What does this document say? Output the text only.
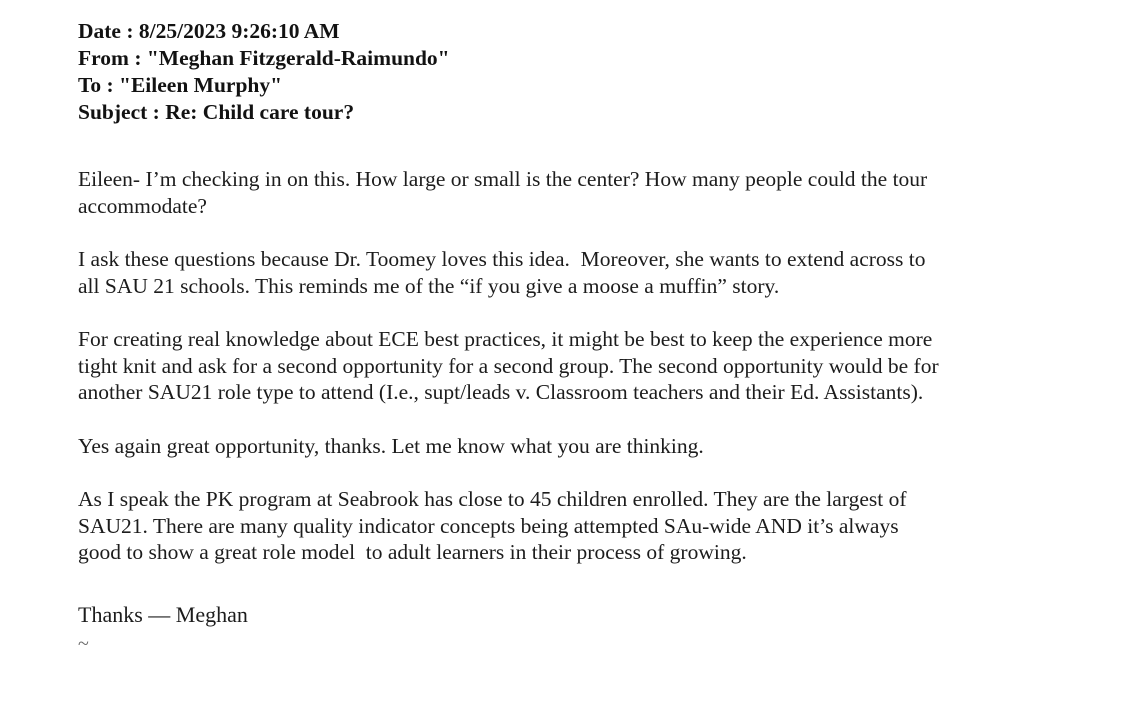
Date : 8/25/2023 9:26:10 AM
From : "Meghan Fitzgerald-Raimundo"
To : "Eileen Murphy"
Subject : Re: Child care tour?

Eileen- I’m checking in on this. How large or small is the center? How many people could the tour accommodate?

I ask these questions because Dr. Toomey loves this idea.  Moreover, she wants to extend across to all SAU 21 schools. This reminds me of the “if you give a moose a muffin” story.

For creating real knowledge about ECE best practices, it might be best to keep the experience more tight knit and ask for a second opportunity for a second group. The second opportunity would be for another SAU21 role type to attend (I.e., supt/leads v. Classroom teachers and their Ed. Assistants).

Yes again great opportunity, thanks. Let me know what you are thinking.

As I speak the PK program at Seabrook has close to 45 children enrolled. They are the largest of SAU21. There are many quality indicator concepts being attempted SAu-wide AND it’s always good to show a great role model  to adult learners in their process of growing.

Thanks — Meghan
~
